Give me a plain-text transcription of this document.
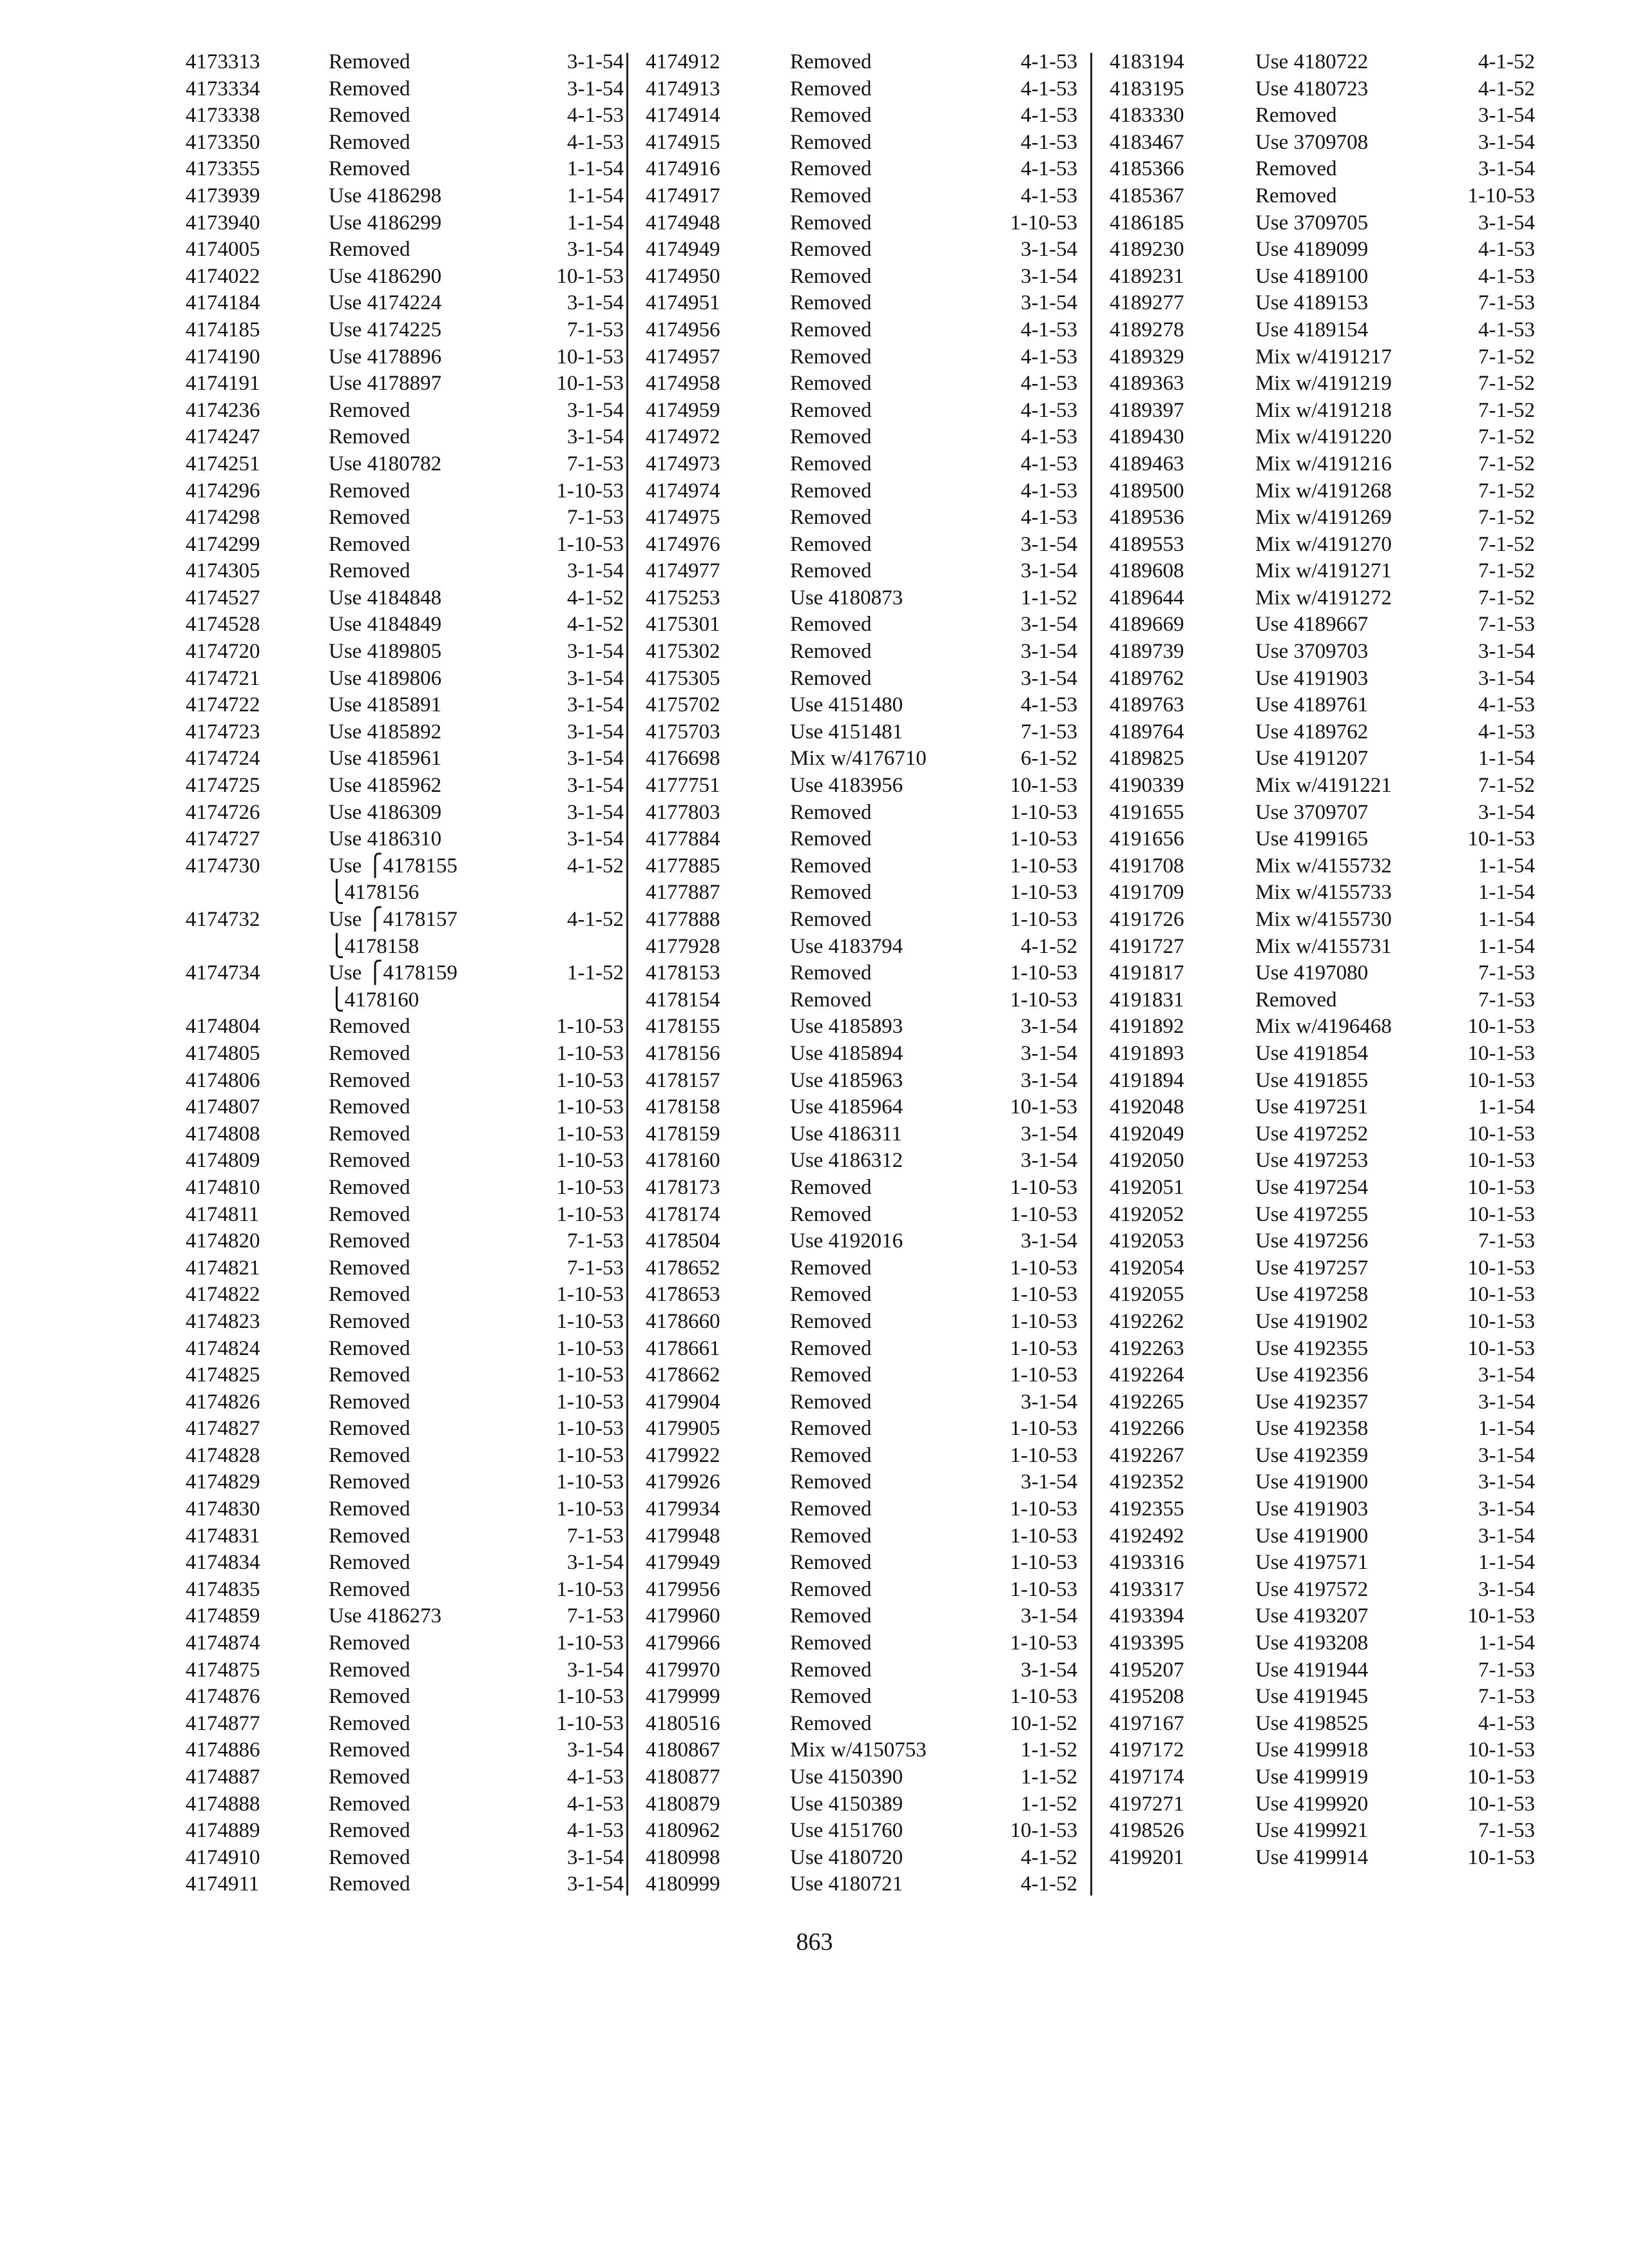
4173313	Removed	3-1-54
4173334	Removed	3-1-54
4173338	Removed	4-1-53
4173350	Removed	4-1-53
4173355	Removed	1-1-54
4173939	Use 4186298	1-1-54
4173940	Use 4186299	1-1-54
4174005	Removed	3-1-54
4174022	Use 4186290	10-1-53
4174184	Use 4174224	3-1-54
4174185	Use 4174225	7-1-53
4174190	Use 4178896	10-1-53
4174191	Use 4178897	10-1-53
4174236	Removed	3-1-54
4174247	Removed	3-1-54
4174251	Use 4180782	7-1-53
4174296	Removed	1-10-53
4174298	Removed	7-1-53
4174299	Removed	1-10-53
4174305	Removed	3-1-54
4174527	Use 4184848	4-1-52
4174528	Use 4184849	4-1-52
4174720	Use 4189805	3-1-54
4174721	Use 4189806	3-1-54
4174722	Use 4185891	3-1-54
4174723	Use 4185892	3-1-54
4174724	Use 4185961	3-1-54
4174725	Use 4185962	3-1-54
4174726	Use 4186309	3-1-54
4174727	Use 4186310	3-1-54
4174730	Use ⎧4178155	4-1-52
⎩4178156
4174732	Use ⎧4178157	4-1-52
⎩4178158
4174734	Use ⎧4178159	1-1-52
⎩4178160
4174804	Removed	1-10-53
4174805	Removed	1-10-53
4174806	Removed	1-10-53
4174807	Removed	1-10-53
4174808	Removed	1-10-53
4174809	Removed	1-10-53
4174810	Removed	1-10-53
4174811	Removed	1-10-53
4174820	Removed	7-1-53
4174821	Removed	7-1-53
4174822	Removed	1-10-53
4174823	Removed	1-10-53
4174824	Removed	1-10-53
4174825	Removed	1-10-53
4174826	Removed	1-10-53
4174827	Removed	1-10-53
4174828	Removed	1-10-53
4174829	Removed	1-10-53
4174830	Removed	1-10-53
4174831	Removed	7-1-53
4174834	Removed	3-1-54
4174835	Removed	1-10-53
4174859	Use 4186273	7-1-53
4174874	Removed	1-10-53
4174875	Removed	3-1-54
4174876	Removed	1-10-53
4174877	Removed	1-10-53
4174886	Removed	3-1-54
4174887	Removed	4-1-53
4174888	Removed	4-1-53
4174889	Removed	4-1-53
4174910	Removed	3-1-54
4174911	Removed	3-1-54
4174912	Removed	4-1-53
4174913	Removed	4-1-53
4174914	Removed	4-1-53
4174915	Removed	4-1-53
4174916	Removed	4-1-53
4174917	Removed	4-1-53
4174948	Removed	1-10-53
4174949	Removed	3-1-54
4174950	Removed	3-1-54
4174951	Removed	3-1-54
4174956	Removed	4-1-53
4174957	Removed	4-1-53
4174958	Removed	4-1-53
4174959	Removed	4-1-53
4174972	Removed	4-1-53
4174973	Removed	4-1-53
4174974	Removed	4-1-53
4174975	Removed	4-1-53
4174976	Removed	3-1-54
4174977	Removed	3-1-54
4175253	Use 4180873	1-1-52
4175301	Removed	3-1-54
4175302	Removed	3-1-54
4175305	Removed	3-1-54
4175702	Use 4151480	4-1-53
4175703	Use 4151481	7-1-53
4176698	Mix w/4176710	6-1-52
4177751	Use 4183956	10-1-53
4177803	Removed	1-10-53
4177884	Removed	1-10-53
4177885	Removed	1-10-53
4177887	Removed	1-10-53
4177888	Removed	1-10-53
4177928	Use 4183794	4-1-52
4178153	Removed	1-10-53
4178154	Removed	1-10-53
4178155	Use 4185893	3-1-54
4178156	Use 4185894	3-1-54
4178157	Use 4185963	3-1-54
4178158	Use 4185964	10-1-53
4178159	Use 4186311	3-1-54
4178160	Use 4186312	3-1-54
4178173	Removed	1-10-53
4178174	Removed	1-10-53
4178504	Use 4192016	3-1-54
4178652	Removed	1-10-53
4178653	Removed	1-10-53
4178660	Removed	1-10-53
4178661	Removed	1-10-53
4178662	Removed	1-10-53
4179904	Removed	3-1-54
4179905	Removed	1-10-53
4179922	Removed	1-10-53
4179926	Removed	3-1-54
4179934	Removed	1-10-53
4179948	Removed	1-10-53
4179949	Removed	1-10-53
4179956	Removed	1-10-53
4179960	Removed	3-1-54
4179966	Removed	1-10-53
4179970	Removed	3-1-54
4179999	Removed	1-10-53
4180516	Removed	10-1-52
4180867	Mix w/4150753	1-1-52
4180877	Use 4150390	1-1-52
4180879	Use 4150389	1-1-52
4180962	Use 4151760	10-1-53
4180998	Use 4180720	4-1-52
4180999	Use 4180721	4-1-52
4183194	Use 4180722	4-1-52
4183195	Use 4180723	4-1-52
4183330	Removed	3-1-54
4183467	Use 3709708	3-1-54
4185366	Removed	3-1-54
4185367	Removed	1-10-53
4186185	Use 3709705	3-1-54
4189230	Use 4189099	4-1-53
4189231	Use 4189100	4-1-53
4189277	Use 4189153	7-1-53
4189278	Use 4189154	4-1-53
4189329	Mix w/4191217	7-1-52
4189363	Mix w/4191219	7-1-52
4189397	Mix w/4191218	7-1-52
4189430	Mix w/4191220	7-1-52
4189463	Mix w/4191216	7-1-52
4189500	Mix w/4191268	7-1-52
4189536	Mix w/4191269	7-1-52
4189553	Mix w/4191270	7-1-52
4189608	Mix w/4191271	7-1-52
4189644	Mix w/4191272	7-1-52
4189669	Use 4189667	7-1-53
4189739	Use 3709703	3-1-54
4189762	Use 4191903	3-1-54
4189763	Use 4189761	4-1-53
4189764	Use 4189762	4-1-53
4189825	Use 4191207	1-1-54
4190339	Mix w/4191221	7-1-52
4191655	Use 3709707	3-1-54
4191656	Use 4199165	10-1-53
4191708	Mix w/4155732	1-1-54
4191709	Mix w/4155733	1-1-54
4191726	Mix w/4155730	1-1-54
4191727	Mix w/4155731	1-1-54
4191817	Use 4197080	7-1-53
4191831	Removed	7-1-53
4191892	Mix w/4196468	10-1-53
4191893	Use 4191854	10-1-53
4191894	Use 4191855	10-1-53
4192048	Use 4197251	1-1-54
4192049	Use 4197252	10-1-53
4192050	Use 4197253	10-1-53
4192051	Use 4197254	10-1-53
4192052	Use 4197255	10-1-53
4192053	Use 4197256	7-1-53
4192054	Use 4197257	10-1-53
4192055	Use 4197258	10-1-53
4192262	Use 4191902	10-1-53
4192263	Use 4192355	10-1-53
4192264	Use 4192356	3-1-54
4192265	Use 4192357	3-1-54
4192266	Use 4192358	1-1-54
4192267	Use 4192359	3-1-54
4192352	Use 4191900	3-1-54
4192355	Use 4191903	3-1-54
4192492	Use 4191900	3-1-54
4193316	Use 4197571	1-1-54
4193317	Use 4197572	3-1-54
4193394	Use 4193207	10-1-53
4193395	Use 4193208	1-1-54
4195207	Use 4191944	7-1-53
4195208	Use 4191945	7-1-53
4197167	Use 4198525	4-1-53
4197172	Use 4199918	10-1-53
4197174	Use 4199919	10-1-53
4197271	Use 4199920	10-1-53
4198526	Use 4199921	7-1-53
4199201	Use 4199914	10-1-53
863
